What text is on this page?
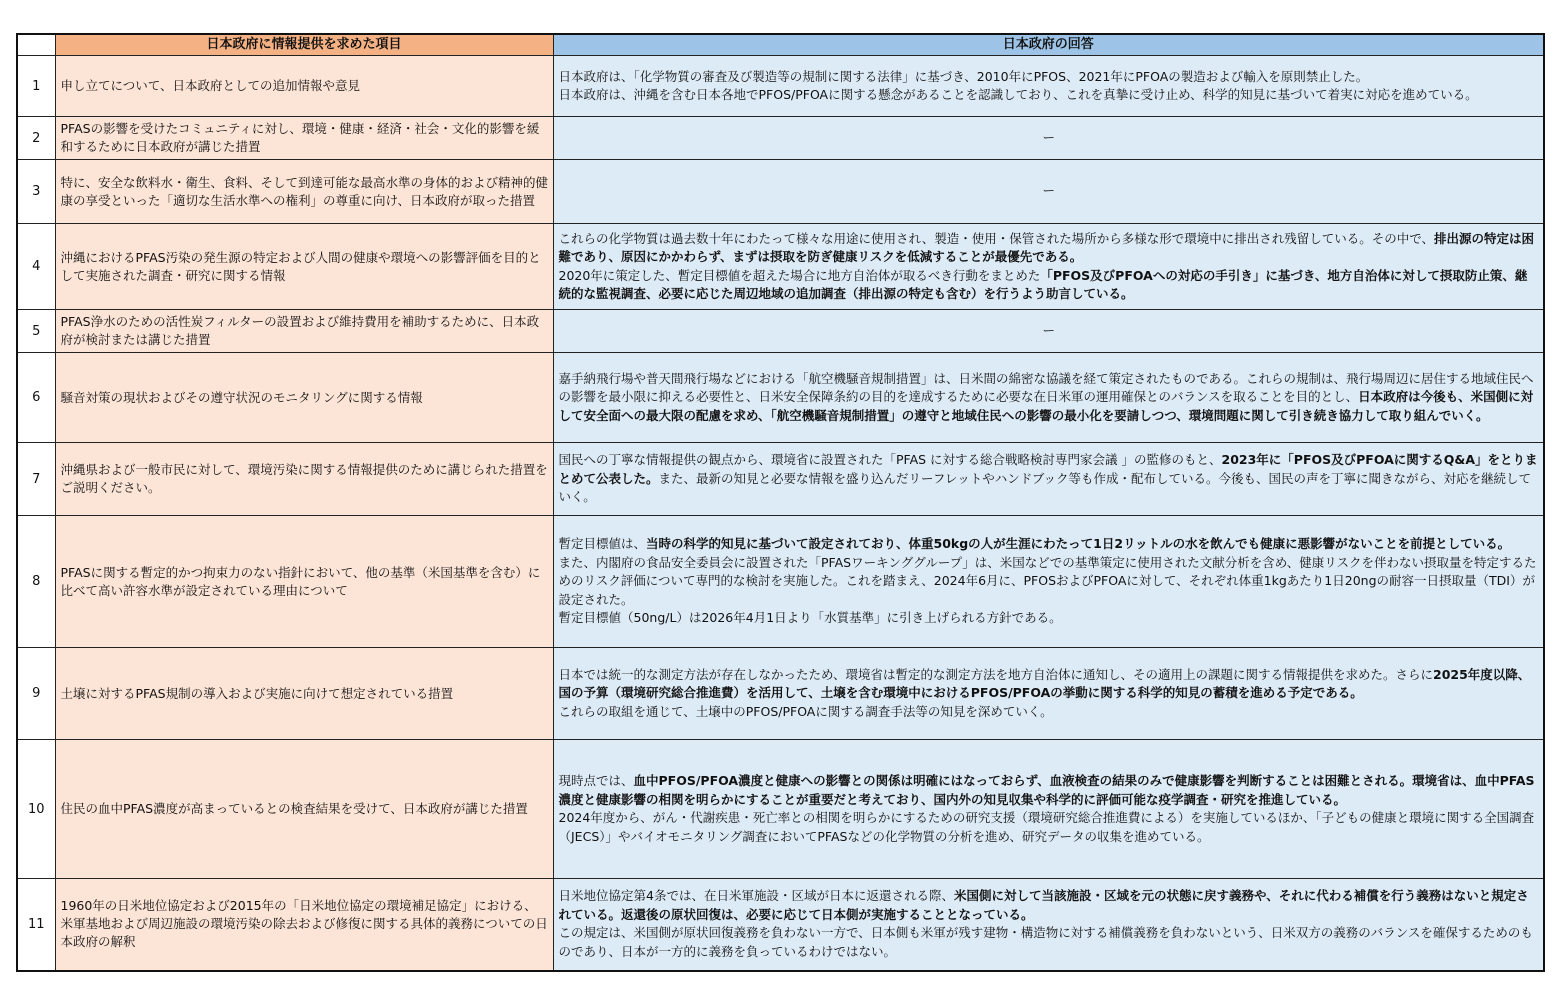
	日本政府に情報提供を求めた項目	日本政府の回答
1	申し立てについて、日本政府としての追加情報や意見	日本政府は、「化学物質の審査及び製造等の規制に関する法律」に基づき、2010年にPFOS、2021年にPFOAの製造および輸入を原則禁止した。

日本政府は、沖縄を含む日本各地でPFOS/PFOAに関する懸念があることを認識しており、これを真摯に受け止め、科学的知見に基づいて着実に対応を進めている。

2	PFASの影響を受けたコミュニティに対し、環境・健康・経済・社会・文化的影響を緩和するために日本政府が講じた措置	ー

3	特に、安全な飲料水・衛生、食料、そして到達可能な最高水準の身体的および精神的健康の享受といった「適切な生活水準への権利」の尊重に向け、日本政府が取った措置	ー

4	沖縄におけるPFAS汚染の発生源の特定および人間の健康や環境への影響評価を目的として実施された調査・研究に関する情報	これらの化学物質は過去数十年にわたって様々な用途に使用され、製造・使用・保管された場所から多様な形で環境中に排出され残留している。その中で、排出源の特定は困難であり、原因にかかわらず、まずは摂取を防ぎ健康リスクを低減することが最優先である。

2020年に策定した、暫定目標値を超えた場合に地方自治体が取るべき行動をまとめた「PFOS及びPFOAへの対応の手引き」に基づき、地方自治体に対して摂取防止策、継続的な監視調査、必要に応じた周辺地域の追加調査（排出源の特定も含む）を行うよう助言している。

5	PFAS浄水のための活性炭フィルターの設置および維持費用を補助するために、日本政府が検討または講じた措置	ー

6	騒音対策の現状およびその遵守状況のモニタリングに関する情報	嘉手納飛行場や普天間飛行場などにおける「航空機騒音規制措置」は、日米間の綿密な協議を経て策定されたものである。これらの規制は、飛行場周辺に居住する地域住民への影響を最小限に抑える必要性と、日米安全保障条約の目的を達成するために必要な在日米軍の運用確保とのバランスを取ることを目的とし、日本政府は今後も、米国側に対して安全面への最大限の配慮を求め、「航空機騒音規制措置」の遵守と地域住民への影響の最小化を要請しつつ、環境問題に関して引き続き協力して取り組んでいく。

7	沖縄県および一般市民に対して、環境汚染に関する情報提供のために講じられた措置をご説明ください。	国民への丁寧な情報提供の観点から、環境省に設置された「PFAS に対する総合戦略検討専門家会議 」の監修のもと、2023年に「PFOS及びPFOAに関するQ&A」をとりまとめて公表した。また、最新の知見と必要な情報を盛り込んだリーフレットやハンドブック等も作成・配布している。今後も、国民の声を丁寧に聞きながら、対応を継続していく。

8	PFASに関する暫定的かつ拘束力のない指針において、他の基準（米国基準を含む）に比べて高い許容水準が設定されている理由について	暫定目標値は、当時の科学的知見に基づいて設定されており、体重50kgの人が生涯にわたって1日2リットルの水を飲んでも健康に悪影響がないことを前提としている。

また、内閣府の食品安全委員会に設置された「PFASワーキンググループ」は、米国などでの基準策定に使用された文献分析を含め、健康リスクを伴わない摂取量を特定するためのリスク評価について専門的な検討を実施した。これを踏まえ、2024年6月に、PFOSおよびPFOAに対して、それぞれ体重1kgあたり1日20ngの耐容一日摂取量（TDI）が設定された。

暫定目標値（50ng/L）は2026年4月1日より「水質基準」に引き上げられる方針である。

9	土壌に対するPFAS規制の導入および実施に向けて想定されている措置	日本では統一的な測定方法が存在しなかったため、環境省は暫定的な測定方法を地方自治体に通知し、その適用上の課題に関する情報提供を求めた。さらに2025年度以降、国の予算（環境研究総合推進費）を活用して、土壌を含む環境中におけるPFOS/PFOAの挙動に関する科学的知見の蓄積を進める予定である。

これらの取組を通じて、土壌中のPFOS/PFOAに関する調査手法等の知見を深めていく。

10	住民の血中PFAS濃度が高まっているとの検査結果を受けて、日本政府が講じた措置	現時点では、血中PFOS/PFOA濃度と健康への影響との関係は明確にはなっておらず、血液検査の結果のみで健康影響を判断することは困難とされる。環境省は、血中PFAS濃度と健康影響の相関を明らかにすることが重要だと考えており、国内外の知見収集や科学的に評価可能な疫学調査・研究を推進している。

2024年度から、がん・代謝疾患・死亡率との相関を明らかにするための研究支援（環境研究総合推進費による）を実施しているほか、「子どもの健康と環境に関する全国調査（JECS）」やバイオモニタリング調査においてPFASなどの化学物質の分析を進め、研究データの収集を進めている。

11	1960年の日米地位協定および2015年の「日米地位協定の環境補足協定」における、米軍基地および周辺施設の環境汚染の除去および修復に関する具体的義務についての日本政府の解釈	日米地位協定第4条では、在日米軍施設・区域が日本に返還される際、米国側に対して当該施設・区域を元の状態に戻す義務や、それに代わる補償を行う義務はないと規定されている。返還後の原状回復は、必要に応じて日本側が実施することとなっている。

この規定は、米国側が原状回復義務を負わない一方で、日本側も米軍が残す建物・構造物に対する補償義務を負わないという、日米双方の義務のバランスを確保するためのものであり、日本が一方的に義務を負っているわけではない。
